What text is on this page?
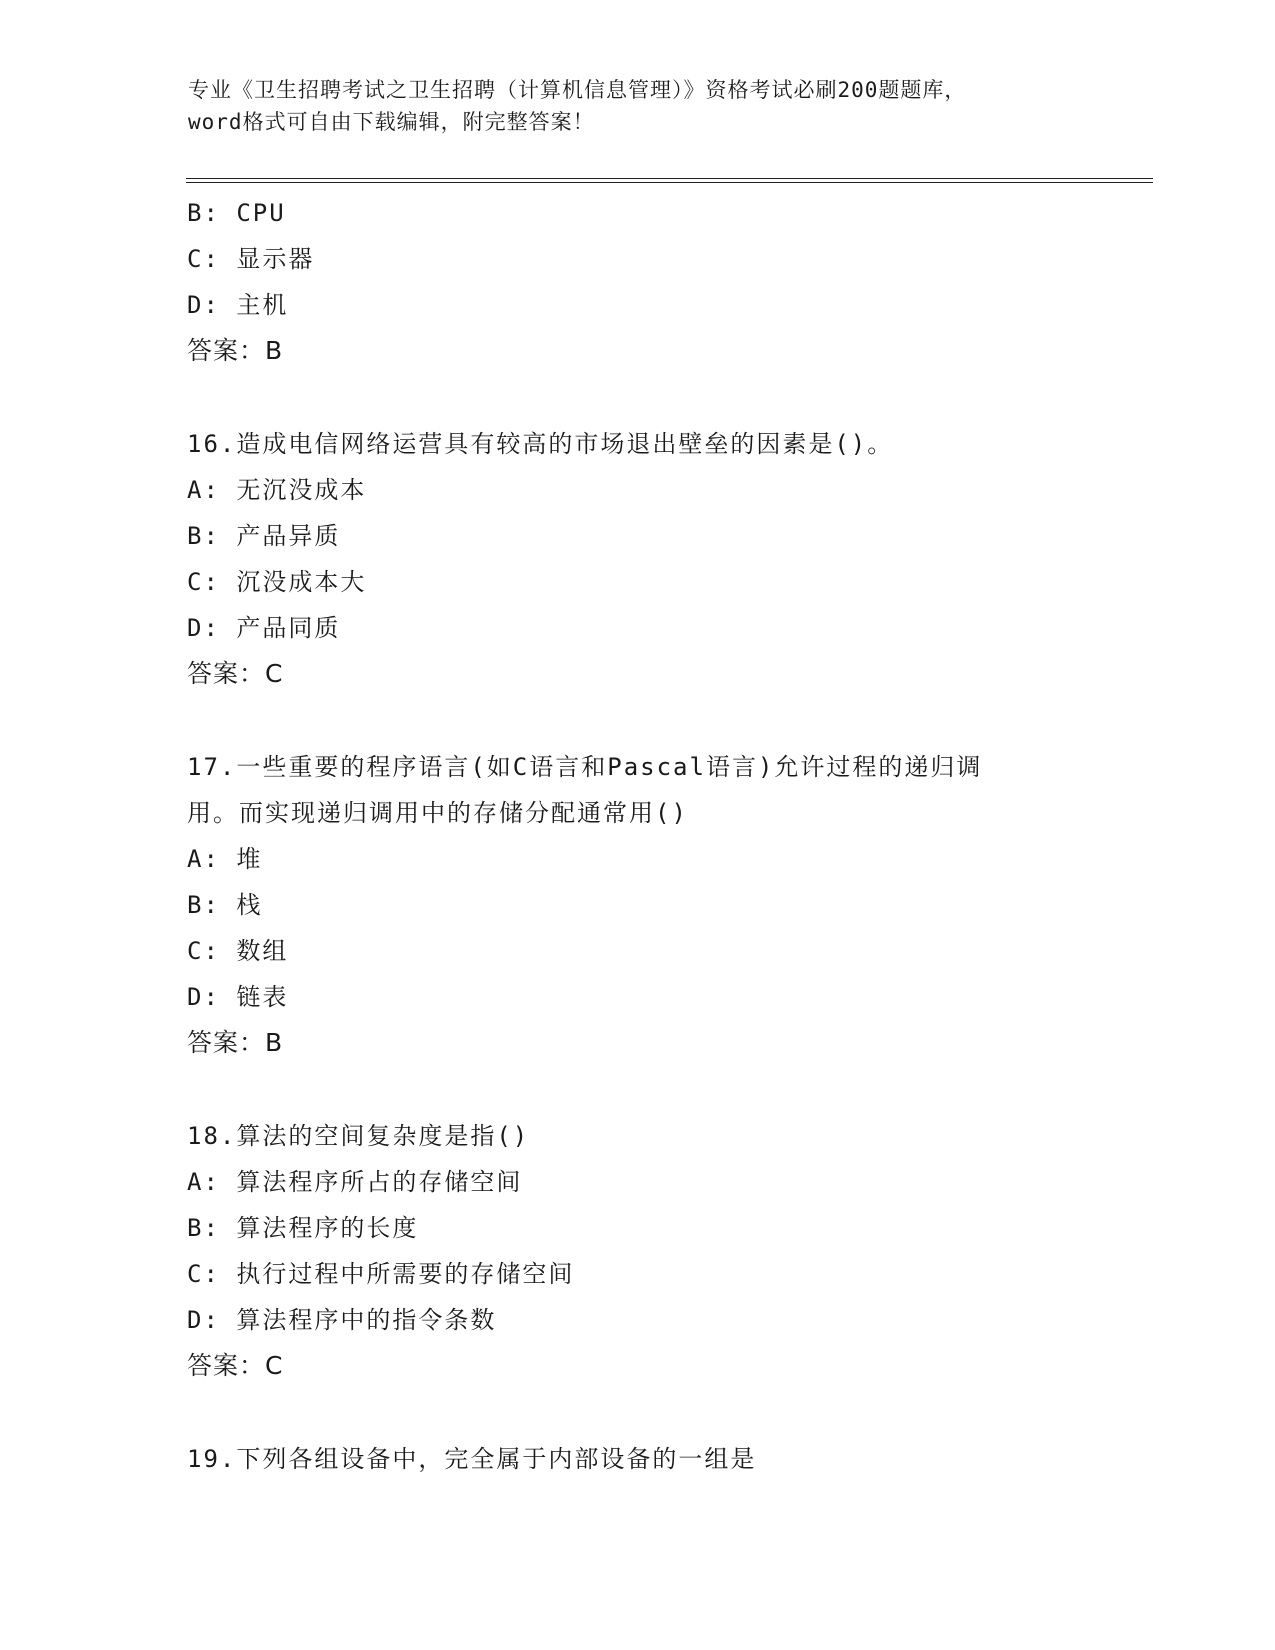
专业《卫生招聘考试之卫生招聘（计算机信息管理）》资格考试必刷200题题库，
word格式可自由下载编辑，附完整答案！
B: CPU
C: 显示器
D: 主机
答案：B
16.造成电信网络运营具有较高的市场退出壁垒的因素是()。
A: 无沉没成本
B: 产品异质
C: 沉没成本大
D: 产品同质
答案：C
17.一些重要的程序语言(如C语言和Pascal语言)允许过程的递归调
用。而实现递归调用中的存储分配通常用()
A: 堆
B: 栈
C: 数组
D: 链表
答案：B
18.算法的空间复杂度是指()
A: 算法程序所占的存储空间
B: 算法程序的长度
C: 执行过程中所需要的存储空间
D: 算法程序中的指令条数
答案：C
19.下列各组设备中，完全属于内部设备的一组是
